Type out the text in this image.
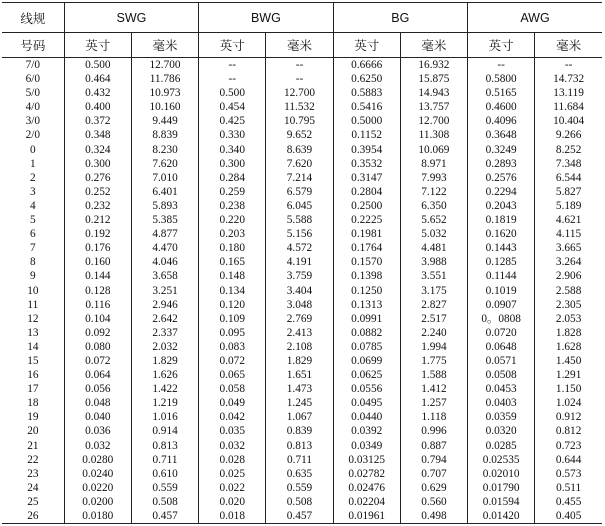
线规	SWG		BWG		BG		AWG	
号码	英寸	毫米	英寸	毫米	英寸	毫米	英寸	毫米
7/0	0.500	12.700	--	--	0.6666	16.932	--	--
6/0	0.464	11.786	--	--	0.6250	15.875	0.5800	14.732
5/0	0.432	10.973	0.500	12.700	0.5883	14.943	0.5165	13.119
4/0	0.400	10.160	0.454	11.532	0.5416	13.757	0.4600	11.684
3/0	0.372	9.449	0.425	10.795	0.5000	12.700	0.4096	10.404
2/0	0.348	8.839	0.330	9.652	0.1152	11.308	0.3648	9.266
0	0.324	8.230	0.340	8.639	0.3954	10.069	0.3249	8.252
1	0.300	7.620	0.300	7.620	0.3532	8.971	0.2893	7.348
2	0.276	7.010	0.284	7.214	0.3147	7.993	0.2576	6.544
3	0.252	6.401	0.259	6.579	0.2804	7.122	0.2294	5.827
4	0.232	5.893	0.238	6.045	0.2500	6.350	0.2043	5.189
5	0.212	5.385	0.220	5.588	0.2225	5.652	0.1819	4.621
6	0.192	4.877	0.203	5.156	0.1981	5.032	0.1620	4.115
7	0.176	4.470	0.180	4.572	0.1764	4.481	0.1443	3.665
8	0.160	4.046	0.165	4.191	0.1570	3.988	0.1285	3.264
9	0.144	3.658	0.148	3.759	0.1398	3.551	0.1144	2.906
10	0.128	3.251	0.134	3.404	0.1250	3.175	0.1019	2.588
11	0.116	2.946	0.120	3.048	0.1313	2.827	0.0907	2.305
12	0.104	2.642	0.109	2.769	0.0991	2.517	0。0808	2.053
13	0.092	2.337	0.095	2.413	0.0882	2.240	0.0720	1.828
14	0.080	2.032	0.083	2.108	0.0785	1.994	0.0648	1.628
15	0.072	1.829	0.072	1.829	0.0699	1.775	0.0571	1.450
16	0.064	1.626	0.065	1.651	0.0625	1.588	0.0508	1.291
17	0.056	1.422	0.058	1.473	0.0556	1.412	0.0453	1.150
18	0.048	1.219	0.049	1.245	0.0495	1.257	0.0403	1.024
19	0.040	1.016	0.042	1.067	0.0440	1.118	0.0359	0.912
20	0.036	0.914	0.035	0.839	0.0392	0.996	0.0320	0.812
21	0.032	0.813	0.032	0.813	0.0349	0.887	0.0285	0.723
22	0.0280	0.711	0.028	0.711	0.03125	0.794	0.02535	0.644
23	0.0240	0.610	0.025	0.635	0.02782	0.707	0.02010	0.573
24	0.0220	0.559	0.022	0.559	0.02476	0.629	0.01790	0.511
25	0.0200	0.508	0.020	0.508	0.02204	0.560	0.01594	0.455
26	0.0180	0.457	0.018	0.457	0.01961	0.498	0.01420	0.405
